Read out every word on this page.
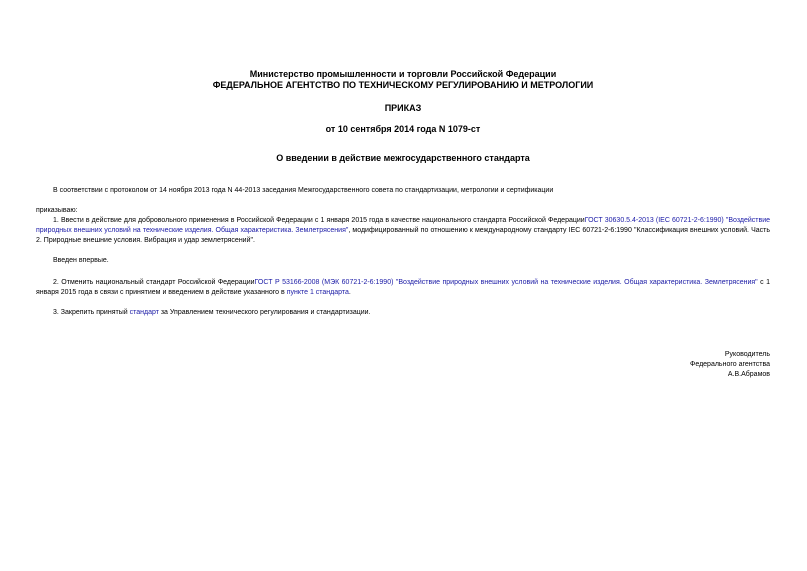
Министерство промышленности и торговли Российской Федерации
ФЕДЕРАЛЬНОЕ АГЕНТСТВО ПО ТЕХНИЧЕСКОМУ РЕГУЛИРОВАНИЮ И МЕТРОЛОГИИ
ПРИКАЗ
от 10 сентября 2014 года N 1079-ст
О введении в действие межгосударственного стандарта
В соответствии с протоколом от 14 ноября 2013 года N 44-2013 заседания Межгосударственного совета по стандартизации, метрологии и сертификации
приказываю:
1. Ввести в действие для добровольного применения в Российской Федерации с 1 января 2015 года в качестве национального стандарта Российской ФедерацииГОСТ 30630.5.4-2013 (IEC 60721-2-6:1990) "Воздействие природных внешних условий на технические изделия. Общая характеристика. Землетрясения", модифицированный по отношению к международному стандарту IEC 60721-2-6:1990 "Классификация внешних условий. Часть 2. Природные внешние условия. Вибрация и удар землетрясений".
Введен впервые.
2. Отменить национальный стандарт Российской ФедерацииГОСТ Р 53166-2008 (МЭК 60721-2-6:1990) "Воздействие природных внешних условий на технические изделия. Общая характеристика. Землетрясения" с 1 января 2015 года в связи с принятием и введением в действие указанного в пункте 1 стандарта.
3. Закрепить принятый стандарт за Управлением технического регулирования и стандартизации.
Руководитель
Федерального агентства
А.В.Абрамов
